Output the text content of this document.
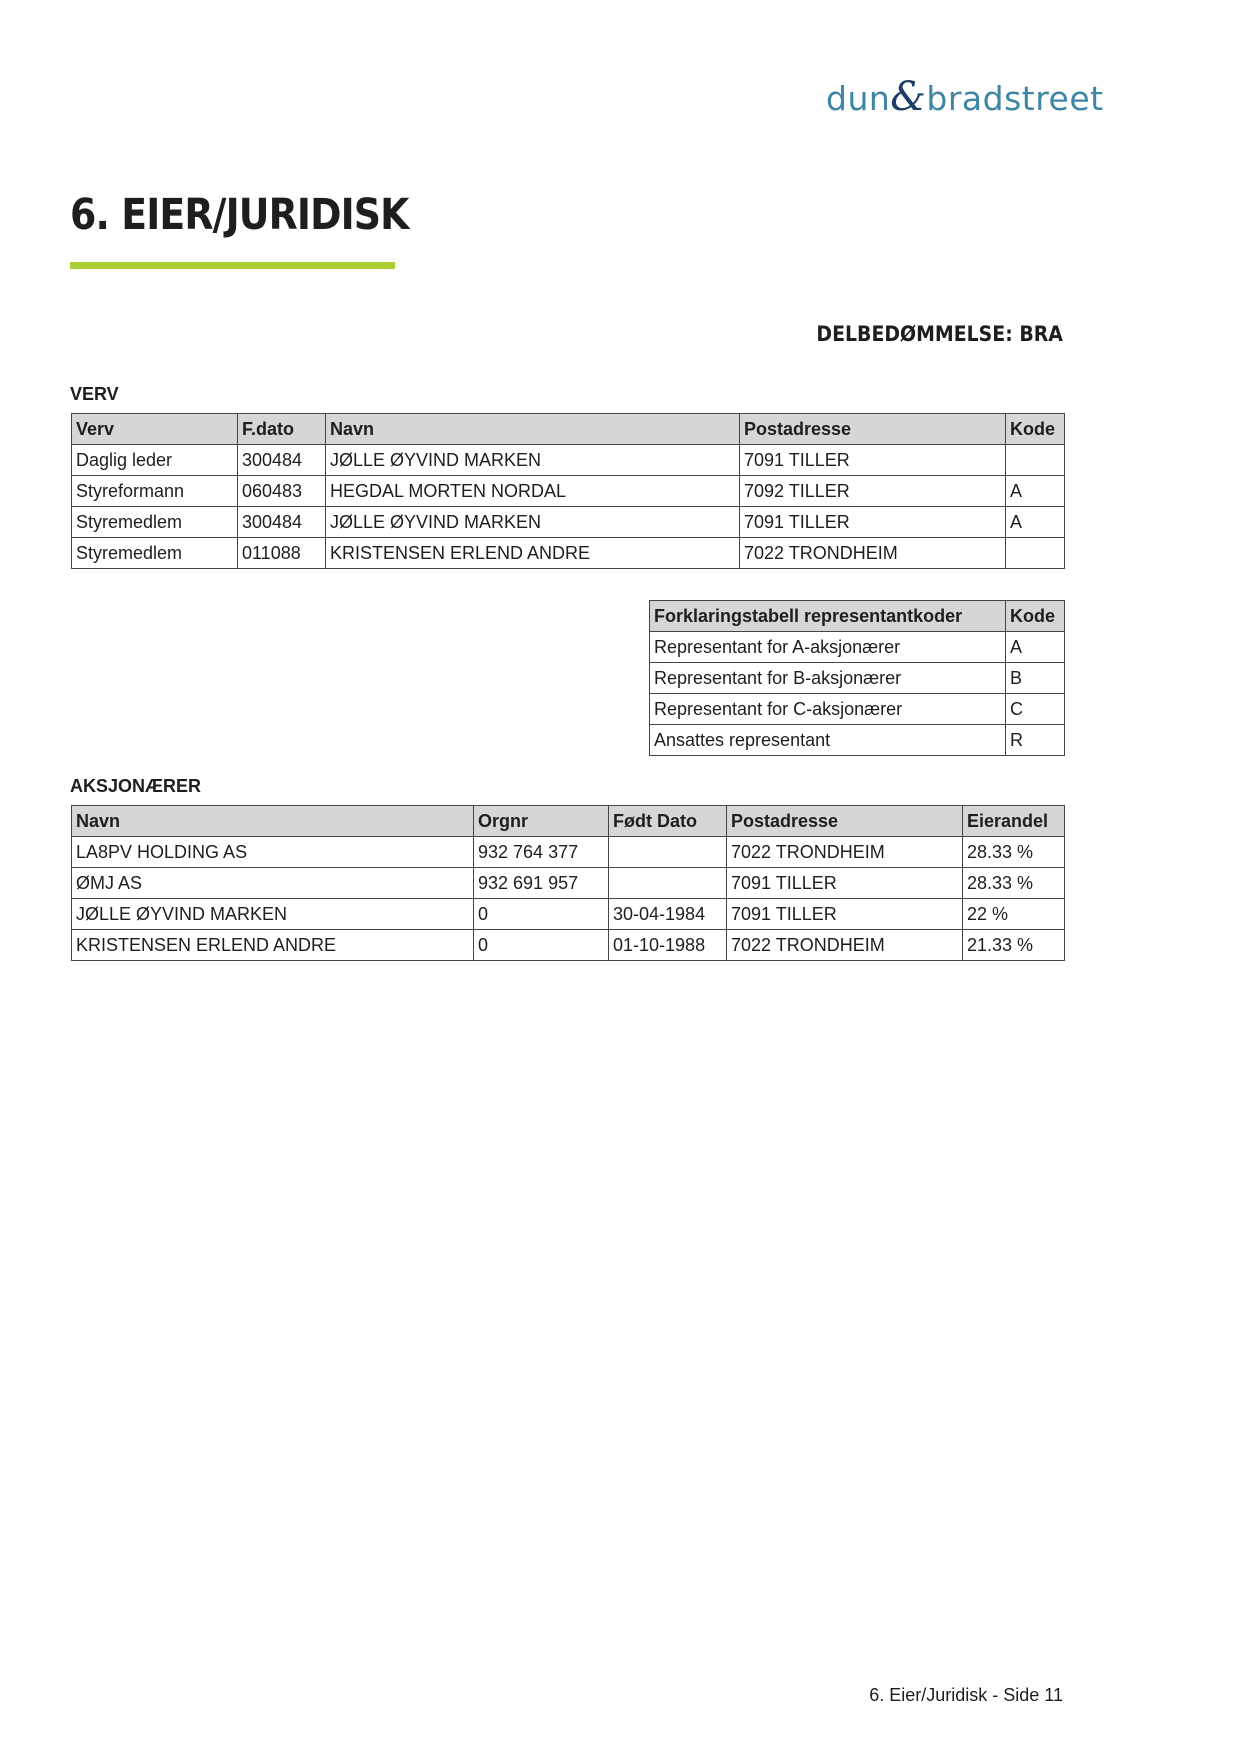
dun&bradstreet
6. EIER/JURIDISK
DELBEDØMMELSE: BRA
VERV
Verv	F.dato	Navn	Postadresse	Kode
Daglig leder	300484	JØLLE ØYVIND MARKEN	7091 TILLER	
Styreformann	060483	HEGDAL MORTEN NORDAL	7092 TILLER	A
Styremedlem	300484	JØLLE ØYVIND MARKEN	7091 TILLER	A
Styremedlem	011088	KRISTENSEN ERLEND ANDRE	7022 TRONDHEIM	
Forklaringstabell representantkoder	Kode
Representant for A-aksjonærer	A
Representant for B-aksjonærer	B
Representant for C-aksjonærer	C
Ansattes representant	R
AKSJONÆRER
Navn	Orgnr	Født Dato	Postadresse	Eierandel
LA8PV HOLDING AS	932 764 377		7022 TRONDHEIM	28.33 %
ØMJ AS	932 691 957		7091 TILLER	28.33 %
JØLLE ØYVIND MARKEN	0	30-04-1984	7091 TILLER	22 %
KRISTENSEN ERLEND ANDRE	0	01-10-1988	7022 TRONDHEIM	21.33 %
6. Eier/Juridisk - Side 11
